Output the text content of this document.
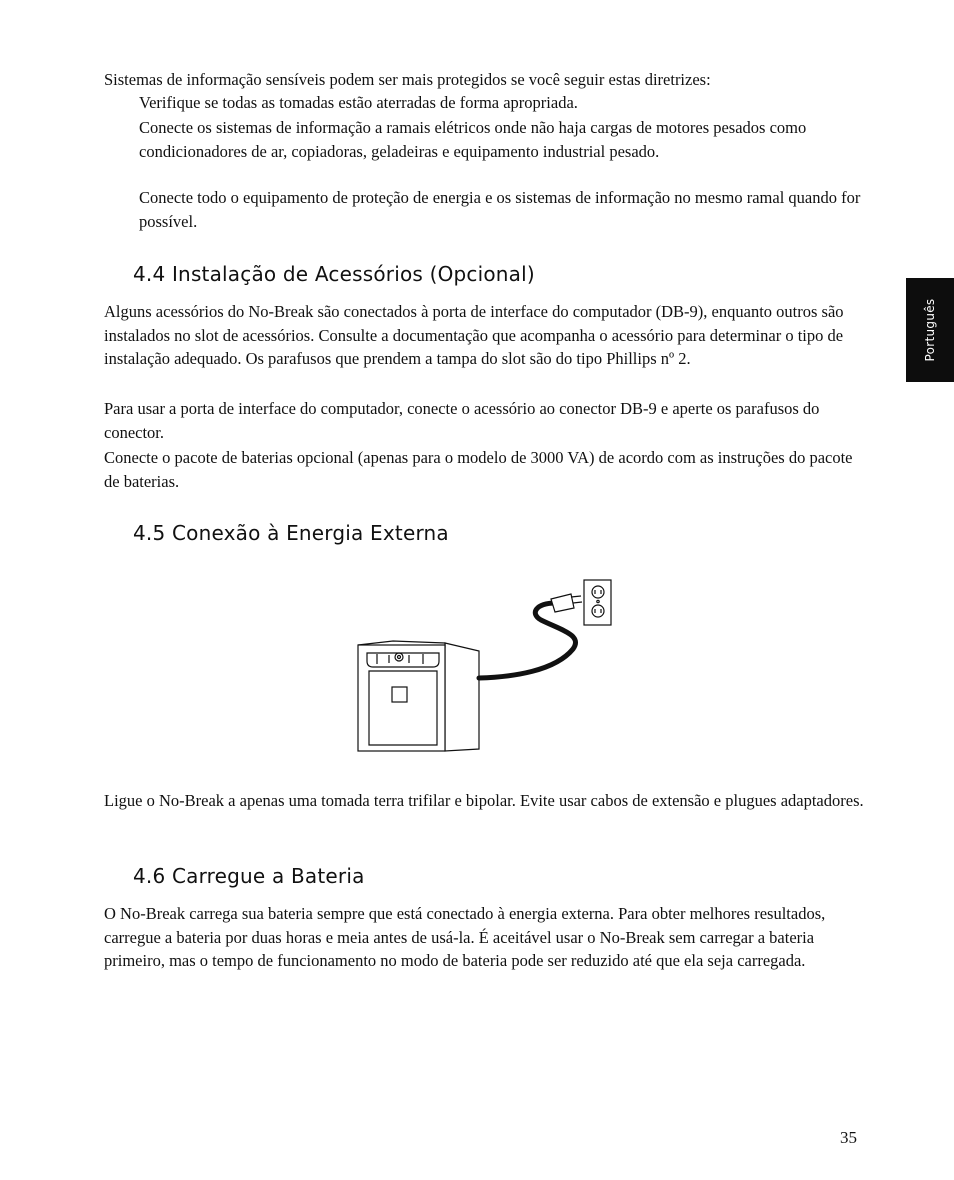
Sistemas de informação sensíveis podem ser mais protegidos se você seguir estas diretrizes:

Verifique se todas as tomadas estão aterradas de forma apropriada.

Conecte os sistemas de informação a ramais elétricos onde não haja cargas de motores pesados como condicionadores de ar, copiadoras, geladeiras e equipamento industrial pesado.

Conecte todo o equipamento de proteção de energia e os sistemas de informação no mesmo ramal quando for possível.

4.4 Instalação de Acessórios (Opcional)

Alguns acessórios do No-Break são conectados à porta de interface do computador (DB-9), enquanto outros são instalados no slot de acessórios. Consulte a documentação que acompanha o acessório para determinar o tipo de instalação adequado. Os parafusos que prendem a tampa do slot são do tipo Phillips nº 2.

Para usar a porta de interface do computador, conecte o acessório ao conector DB-9 e aperte os parafusos do conector.

Conecte o pacote de baterias opcional (apenas para o modelo de 3000 VA) de acordo com as instruções do pacote de baterias.

4.5 Conexão à Energia Externa

Ligue o No-Break a apenas uma tomada terra trifilar e bipolar. Evite usar cabos de extensão e plugues adaptadores.

4.6 Carregue a Bateria

O No-Break carrega sua bateria sempre que está conectado à energia externa. Para obter melhores resultados, carregue a bateria por duas horas e meia antes de usá-la. É aceitável usar o No-Break sem carregar a bateria primeiro, mas o tempo de funcionamento no modo de bateria pode ser reduzido até que ela seja carregada.

Português

35
